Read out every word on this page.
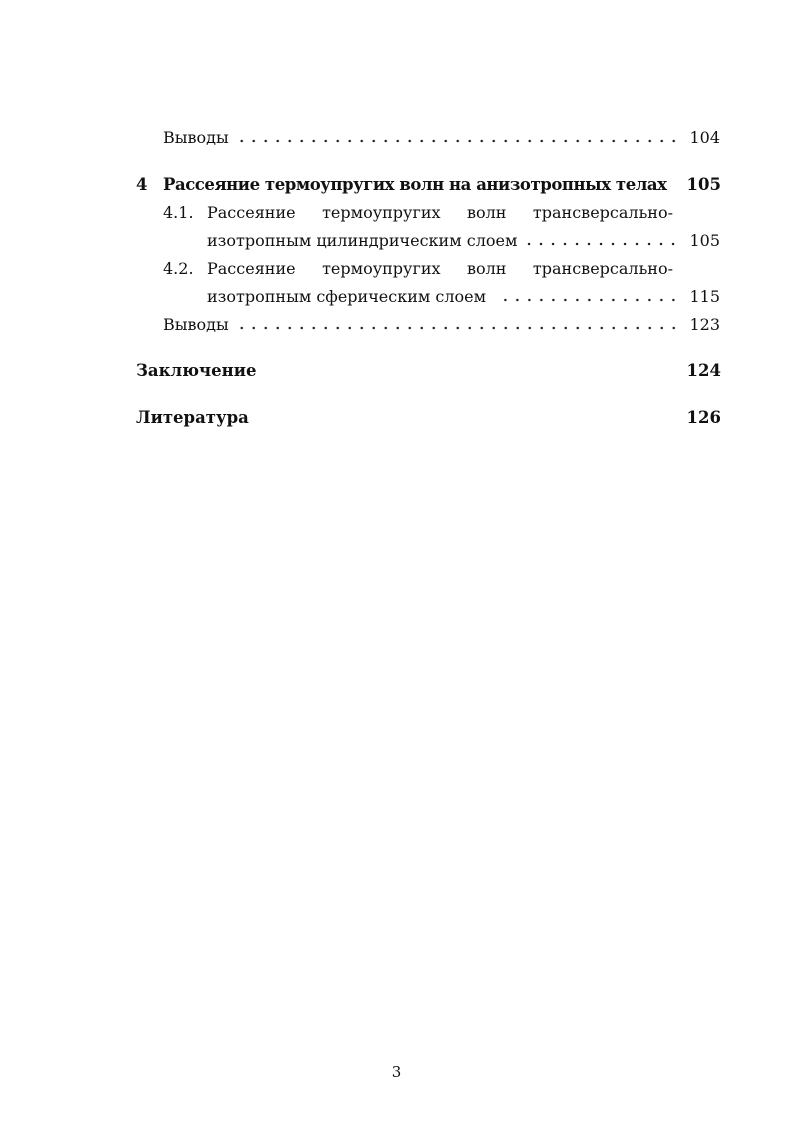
Выводы	104
4 Рассеяние термоупругих волн на анизотропных телах 105
4.1. Рассеяние термоупругих волн трансверсально-
изотропным цилиндрическим слоем	105
4.2. Рассеяние термоупругих волн трансверсально-
изотропным сферическим слоем	115
Выводы	123
Заключение	124
Литература	126
3
